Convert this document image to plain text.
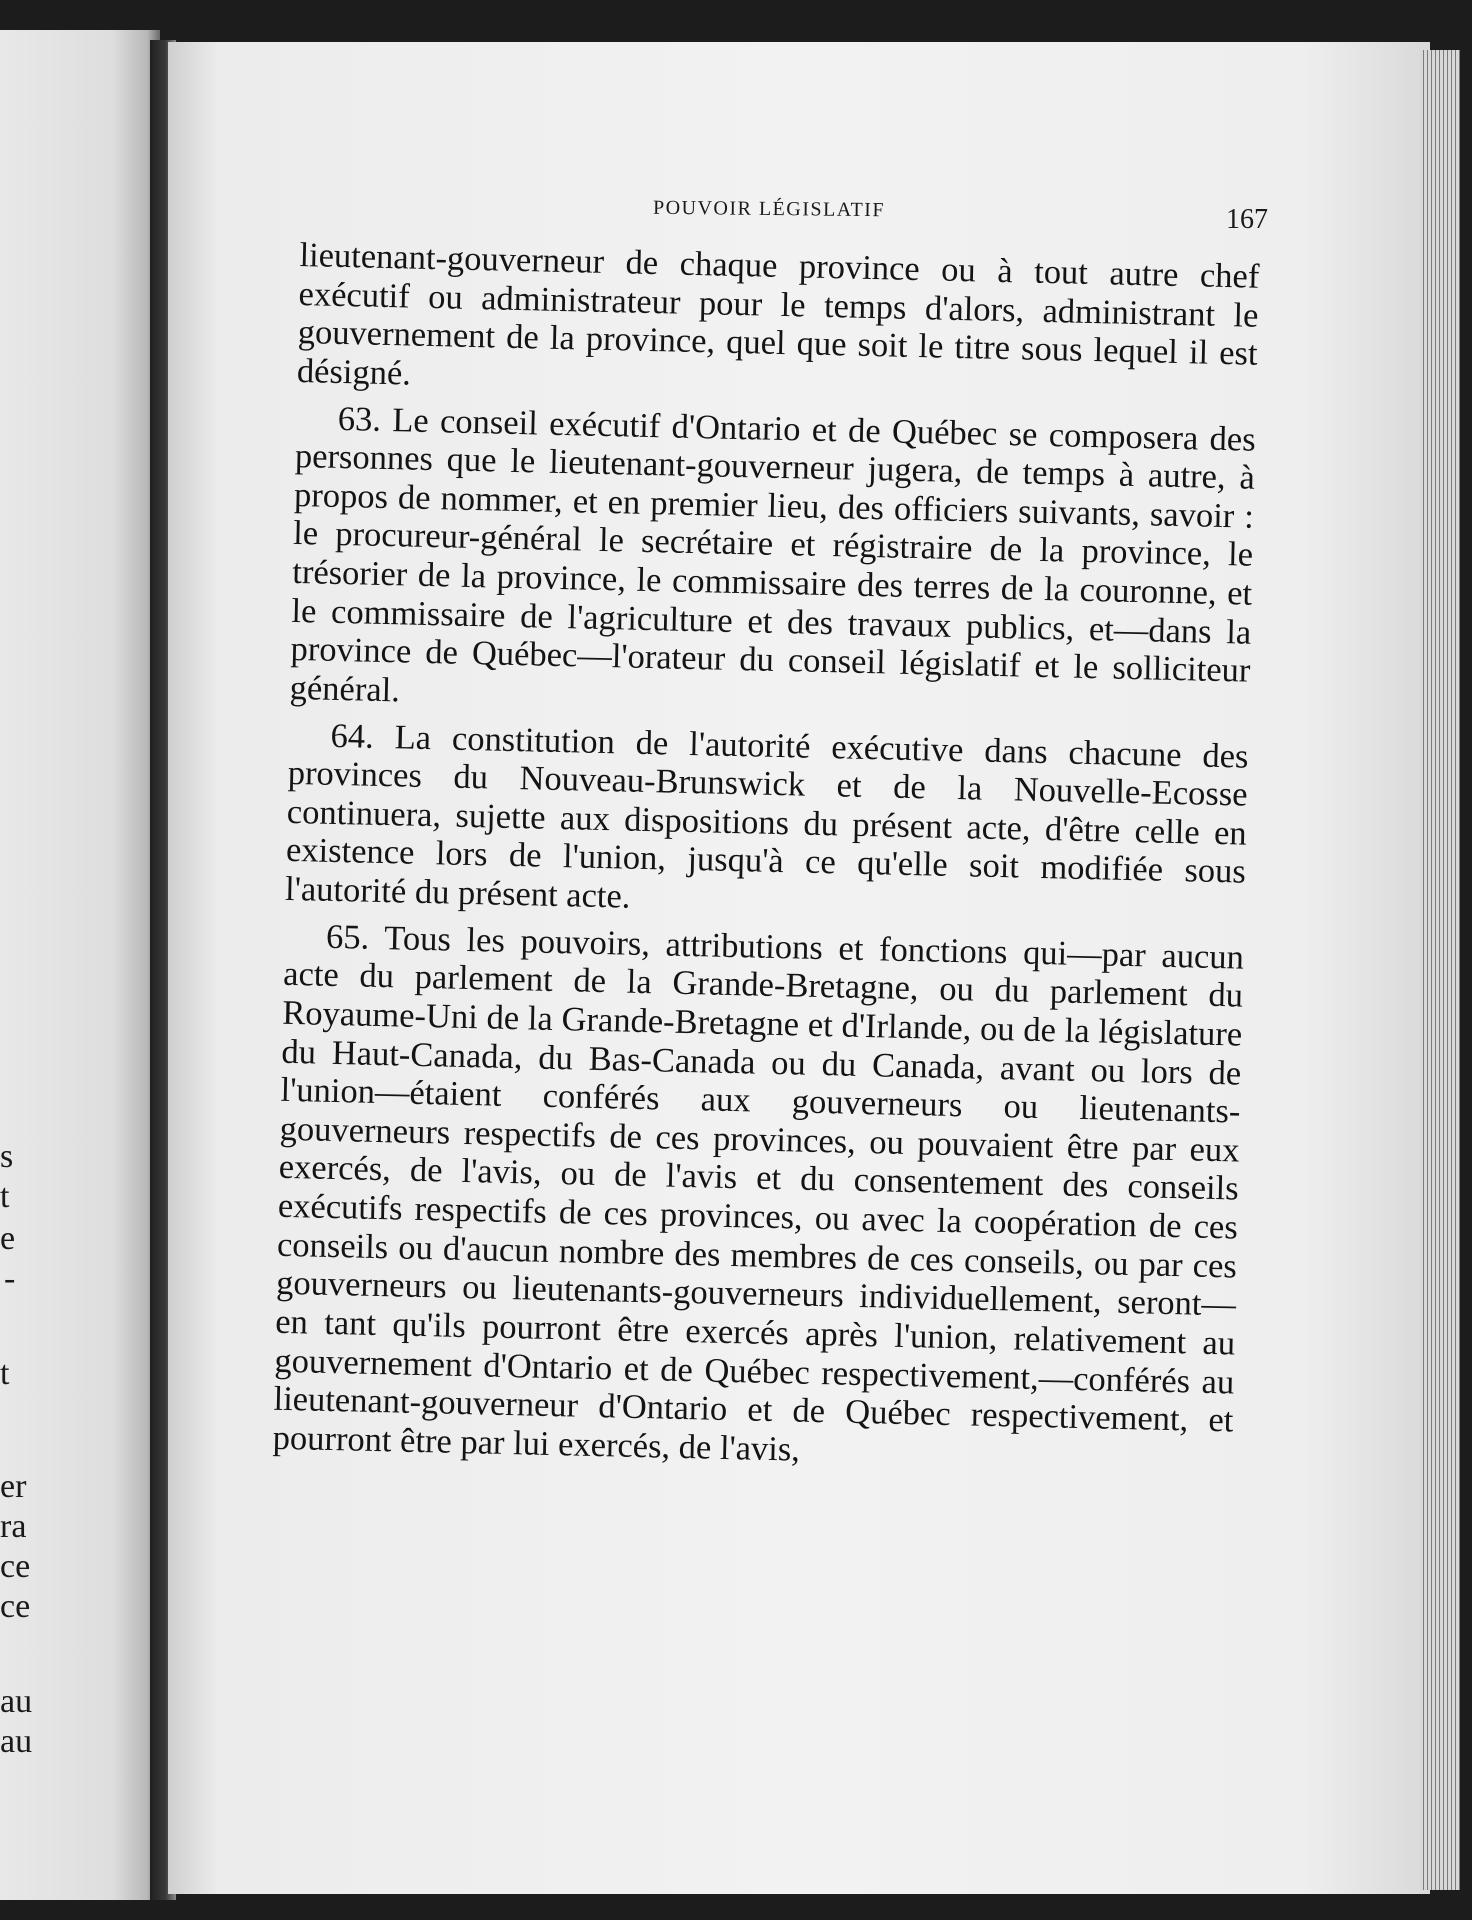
s
t
e
-
t
er
ra
ce
ce
au
au
POUVOIR LÉGISLATIF	167

lieutenant-gouverneur de chaque province ou à tout autre chef exécutif ou administrateur pour le temps d'alors, administrant le gouvernement de la province, quel que soit le titre sous lequel il est désigné.

63. Le conseil exécutif d'Ontario et de Québec se composera des personnes que le lieutenant-gouverneur jugera, de temps à autre, à propos de nommer, et en premier lieu, des officiers suivants, savoir : le procureur-général le secrétaire et régistraire de la province, le trésorier de la province, le commissaire des terres de la couronne, et le commissaire de l'agriculture et des travaux publics, et—dans la province de Québec—l'orateur du conseil législatif et le solliciteur général.

64. La constitution de l'autorité exécutive dans chacune des provinces du Nouveau-Brunswick et de la Nouvelle-Ecosse continuera, sujette aux dispositions du présent acte, d'être celle en existence lors de l'union, jusqu'à ce qu'elle soit modifiée sous l'autorité du présent acte.

65. Tous les pouvoirs, attributions et fonctions qui—par aucun acte du parlement de la Grande-Bretagne, ou du parlement du Royaume-Uni de la Grande-Bretagne et d'Irlande, ou de la législature du Haut-Canada, du Bas-Canada ou du Canada, avant ou lors de l'union—étaient conférés aux gouverneurs ou lieutenants-gouverneurs respectifs de ces provinces, ou pouvaient être par eux exercés, de l'avis, ou de l'avis et du consentement des conseils exécutifs respectifs de ces provinces, ou avec la coopération de ces conseils ou d'aucun nombre des membres de ces conseils, ou par ces gouverneurs ou lieutenants-gouverneurs individuellement, seront—en tant qu'ils pourront être exercés après l'union, relativement au gouvernement d'Ontario et de Québec respectivement,—conférés au lieutenant-gouverneur d'Ontario et de Québec respectivement, et pourront être par lui exercés, de l'avis,
